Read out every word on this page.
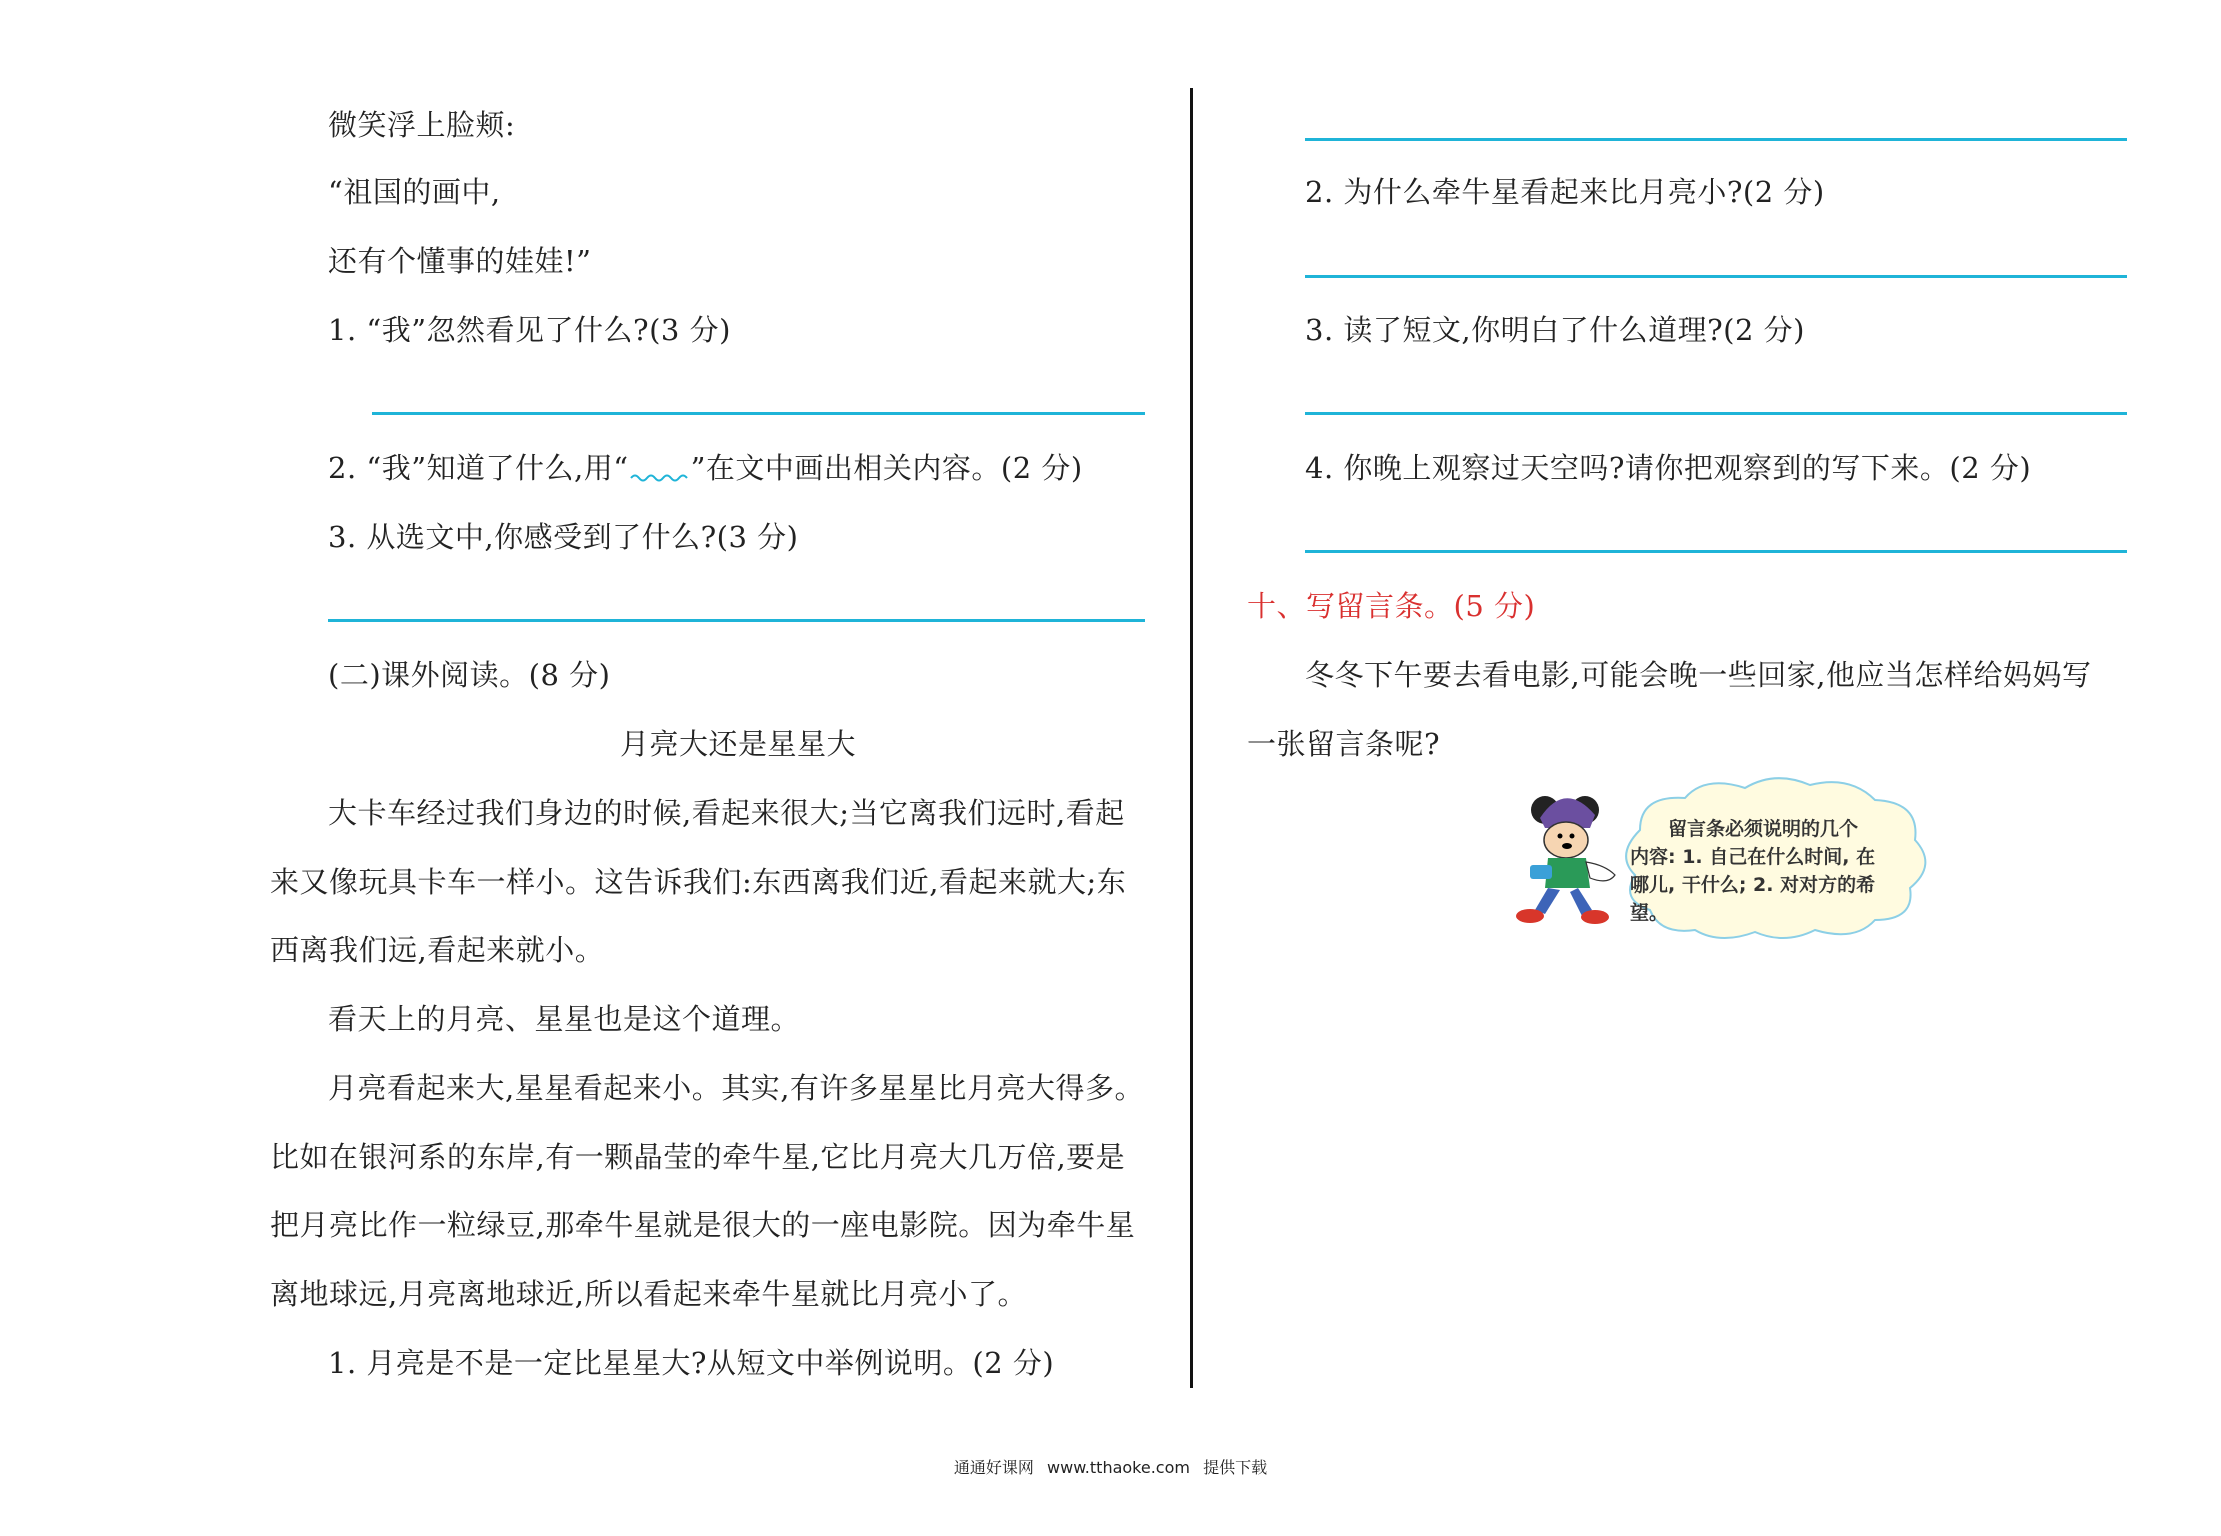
微笑浮上脸颊:
“祖国的画中,
还有个懂事的娃娃!”
1. “我”忽然看见了什么?(3 分)
2. “我”知道了什么,用“ ”在文中画出相关内容。(2 分)
3. 从选文中,你感受到了什么?(3 分)
(二)课外阅读。(8 分)
月亮大还是星星大
大卡车经过我们身边的时候,看起来很大;当它离我们远时,看起
来又像玩具卡车一样小。这告诉我们:东西离我们近,看起来就大;东
西离我们远,看起来就小。
看天上的月亮、星星也是这个道理。
月亮看起来大,星星看起来小。其实,有许多星星比月亮大得多。
比如在银河系的东岸,有一颗晶莹的牵牛星,它比月亮大几万倍,要是
把月亮比作一粒绿豆,那牵牛星就是很大的一座电影院。因为牵牛星
离地球远,月亮离地球近,所以看起来牵牛星就比月亮小了。
1. 月亮是不是一定比星星大?从短文中举例说明。(2 分)
2. 为什么牵牛星看起来比月亮小?(2 分)
3. 读了短文,你明白了什么道理?(2 分)
4. 你晚上观察过天空吗?请你把观察到的写下来。(2 分)
十、写留言条。(5 分)
冬冬下午要去看电影,可能会晚一些回家,他应当怎样给妈妈写
一张留言条呢?
留言条必须说明的几个
内容: 1. 自己在什么时间, 在
哪儿, 干什么; 2. 对对方的希
望。
通通好课网 www.tthaoke.com 提供下载
